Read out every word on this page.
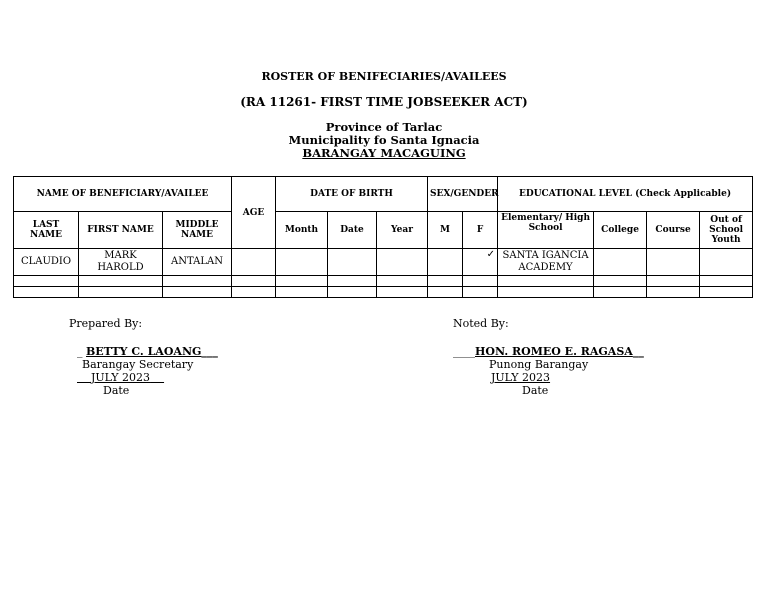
ROSTER OF BENIFECIARIES/AVAILEES
(RA 11261- FIRST TIME JOBSEEKER ACT)
Province of Tarlac
Municipality fo Santa Ignacia
BARANGAY MACAGUING
NAME OF BENEFICIARY/AVAILEE			AGE	DATE OF BIRTH			SEX/GENDER		EDUCATIONAL LEVEL (Check Applicable)			
LAST NAME	FIRST NAME	MIDDLE NAME		Month	Date	Year	M	F	Elementary/ High School	College	Course	Out of School Youth
CLAUDIO	MARK HAROLD	ANTALAN						✓	SANTA IGANCIA ACADEMY			

Prepared By:
_ BETTY C. LAOANG___
Barangay Secretary
JULY 2023
Date
Noted By:
____HON. ROMEO E. RAGASA__
Punong Barangay
JULY 2023
Date
